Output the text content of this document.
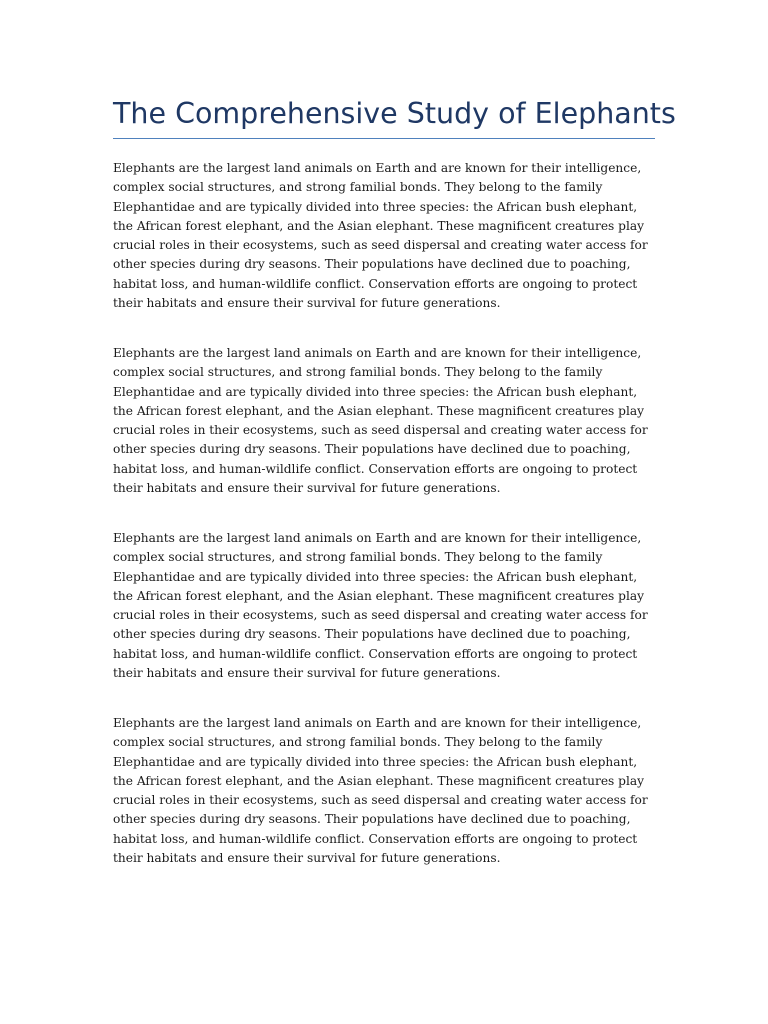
The Comprehensive Study of Elephants

Elephants are the largest land animals on Earth and are known for their intelligence, complex social structures, and strong familial bonds. They belong to the family Elephantidae and are typically divided into three species: the African bush elephant, the African forest elephant, and the Asian elephant. These magnificent creatures play crucial roles in their ecosystems, such as seed dispersal and creating water access for other species during dry seasons. Their populations have declined due to poaching, habitat loss, and human-wildlife conflict. Conservation efforts are ongoing to protect their habitats and ensure their survival for future generations.

Elephants are the largest land animals on Earth and are known for their intelligence, complex social structures, and strong familial bonds. They belong to the family Elephantidae and are typically divided into three species: the African bush elephant, the African forest elephant, and the Asian elephant. These magnificent creatures play crucial roles in their ecosystems, such as seed dispersal and creating water access for other species during dry seasons. Their populations have declined due to poaching, habitat loss, and human-wildlife conflict. Conservation efforts are ongoing to protect their habitats and ensure their survival for future generations.

Elephants are the largest land animals on Earth and are known for their intelligence, complex social structures, and strong familial bonds. They belong to the family Elephantidae and are typically divided into three species: the African bush elephant, the African forest elephant, and the Asian elephant. These magnificent creatures play crucial roles in their ecosystems, such as seed dispersal and creating water access for other species during dry seasons. Their populations have declined due to poaching, habitat loss, and human-wildlife conflict. Conservation efforts are ongoing to protect their habitats and ensure their survival for future generations.

Elephants are the largest land animals on Earth and are known for their intelligence, complex social structures, and strong familial bonds. They belong to the family Elephantidae and are typically divided into three species: the African bush elephant, the African forest elephant, and the Asian elephant. These magnificent creatures play crucial roles in their ecosystems, such as seed dispersal and creating water access for other species during dry seasons. Their populations have declined due to poaching, habitat loss, and human-wildlife conflict. Conservation efforts are ongoing to protect their habitats and ensure their survival for future generations.
